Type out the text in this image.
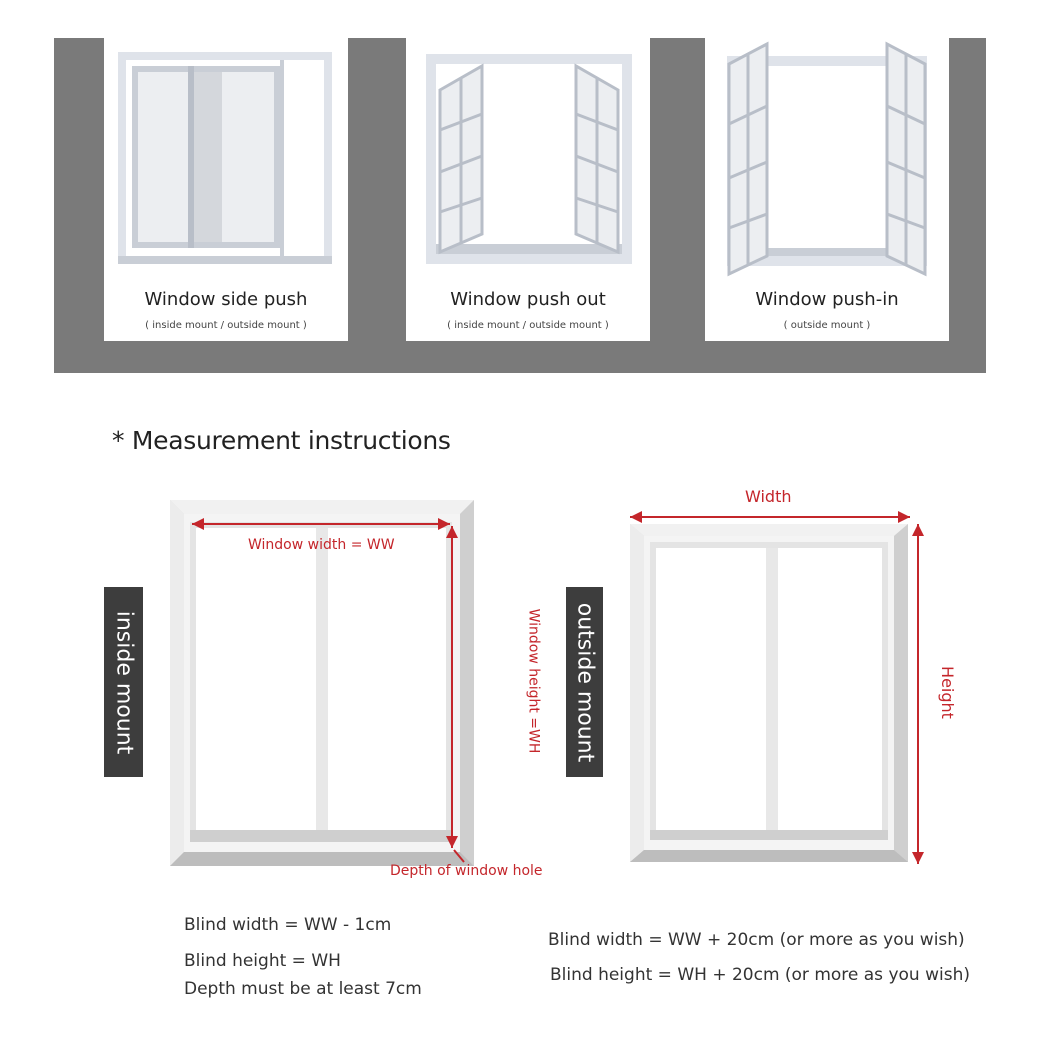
Window side push
( inside mount / outside mount )
Window push out
( inside mount / outside mount )
Window push-in
( outside mount )
* Measurement instructions
inside mount
Window width = WW
Window height =WH
Depth of window hole
outside mount
Width
Height
Blind width = WW - 1cm
Blind height = WH
Depth must be at least 7cm
Blind width = WW + 20cm (or more as you wish)
Blind height = WH + 20cm (or more as you wish)
